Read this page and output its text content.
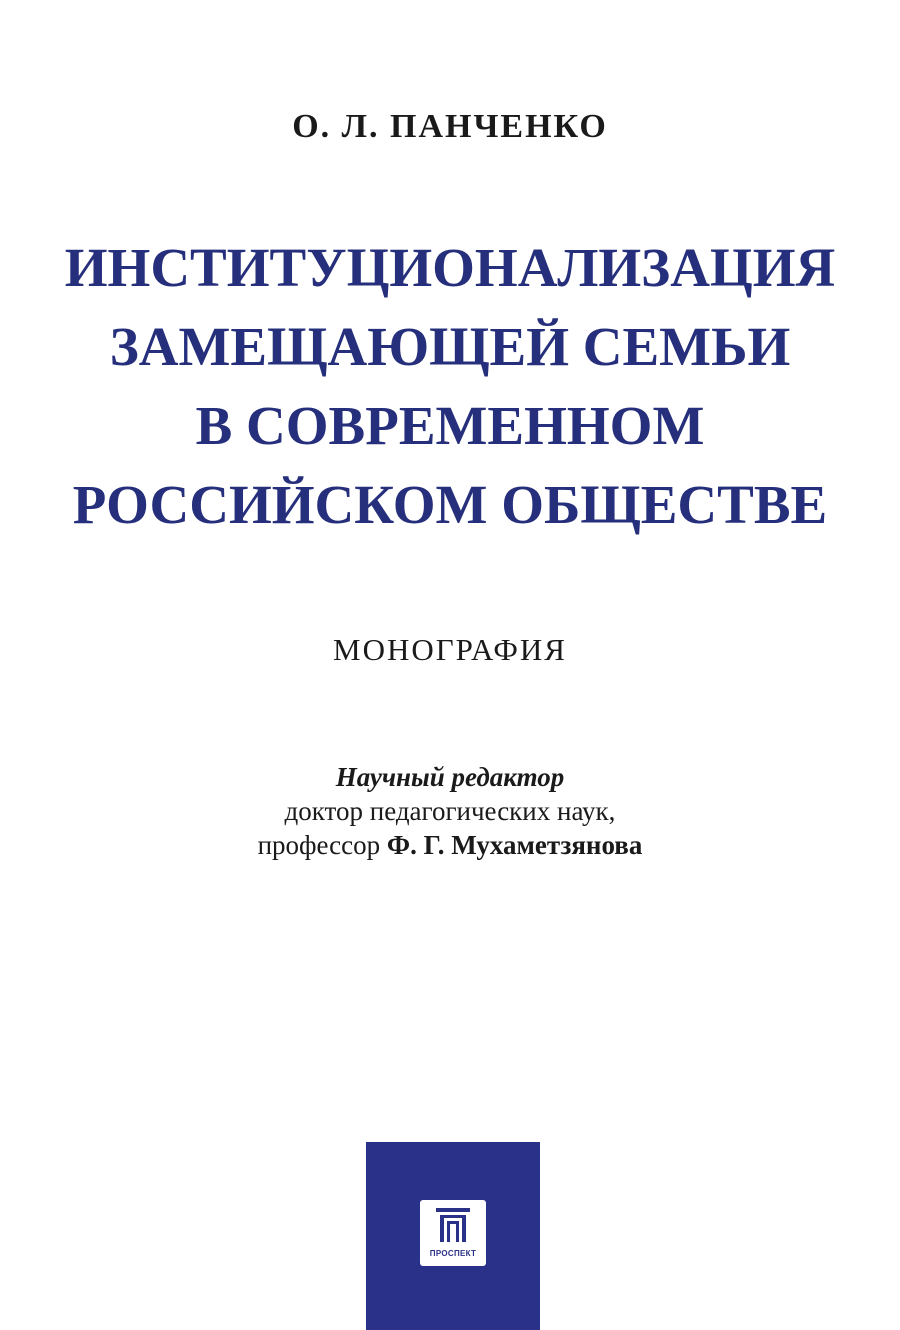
О. Л. ПАНЧЕНКО
ИНСТИТУЦИОНАЛИЗАЦИЯ
ЗАМЕЩАЮЩЕЙ СЕМЬИ
В СОВРЕМЕННОМ
РОССИЙСКОМ ОБЩЕСТВЕ
МОНОГРАФИЯ
Научный редактор
доктор педагогических наук,
профессор Ф. Г. Мухаметзянова
ПРОСПЕКТ
